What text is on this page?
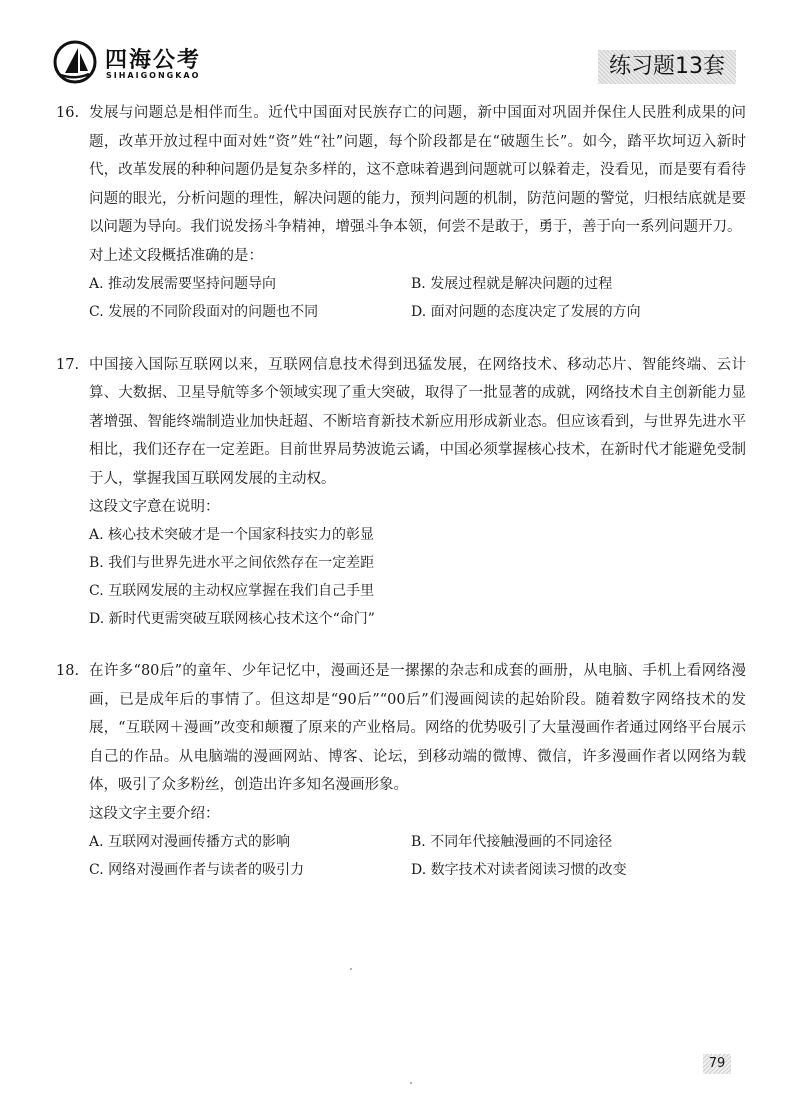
四海公考
SIHAIGONGKAO	练习题13套
16. 发展与问题总是相伴而生。近代中国面对民族存亡的问题，新中国面对巩固并保住人民胜利成果的问题，改革开放过程中面对姓“资”姓“社”问题，每个阶段都是在“破题生长”。如今，踏平坎坷迈入新时代，改革发展的种种问题仍是复杂多样的，这不意味着遇到问题就可以躲着走，没看见，而是要有看待问题的眼光，分析问题的理性，解决问题的能力，预判问题的机制，防范问题的警觉，归根结底就是要以问题为导向。我们说发扬斗争精神，增强斗争本领，何尝不是敢于，勇于，善于向一系列问题开刀。

对上述文段概括准确的是：

A. 推动发展需要坚持问题导向	B. 发展过程就是解决问题的过程
C. 发展的不同阶段面对的问题也不同	D. 面对问题的态度决定了发展的方向
17. 中国接入国际互联网以来，互联网信息技术得到迅猛发展，在网络技术、移动芯片、智能终端、云计算、大数据、卫星导航等多个领域实现了重大突破，取得了一批显著的成就，网络技术自主创新能力显著增强、智能终端制造业加快赶超、不断培育新技术新应用形成新业态。但应该看到，与世界先进水平相比，我们还存在一定差距。目前世界局势波诡云谲，中国必须掌握核心技术，在新时代才能避免受制于人，掌握我国互联网发展的主动权。

这段文字意在说明：

A. 核心技术突破才是一个国家科技实力的彰显
B. 我们与世界先进水平之间依然存在一定差距
C. 互联网发展的主动权应掌握在我们自己手里
D. 新时代更需突破互联网核心技术这个“命门”
18. 在许多“80后”的童年、少年记忆中，漫画还是一摞摞的杂志和成套的画册，从电脑、手机上看网络漫画，已是成年后的事情了。但这却是“90后”“00后”们漫画阅读的起始阶段。随着数字网络技术的发展，“互联网＋漫画”改变和颠覆了原来的产业格局。网络的优势吸引了大量漫画作者通过网络平台展示自己的作品。从电脑端的漫画网站、博客、论坛，到移动端的微博、微信，许多漫画作者以网络为载体，吸引了众多粉丝，创造出许多知名漫画形象。

这段文字主要介绍：

A. 互联网对漫画传播方式的影响	B. 不同年代接触漫画的不同途径
C. 网络对漫画作者与读者的吸引力	D. 数字技术对读者阅读习惯的改变
79
